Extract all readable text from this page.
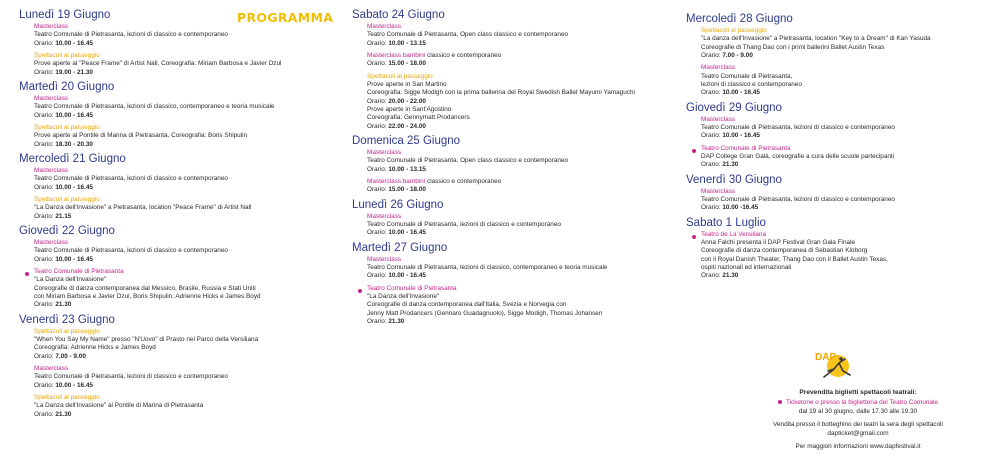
PROGRAMMA
Lunedì 19 Giugno
Masterclass
Teatro Comunale di Pietrasanta, lezioni di classico e contemporaneo
Orario: 10.00 - 16.45
Spettacoli al passeggio
Prove aperte al "Peace Frame" di Artist Nall, Coreografia: Miriam Barbosa e Javier Dzul
Orario: 19.00 - 21.30
Martedì 20 Giugno
Masterclass
Teatro Comunale di Pietrasanta, lezioni di classico, contemporaneo e teoria musicale
Orario: 10.00 - 16.45
Spettacoli al passeggio
Prove aperte al Pontile di Marina di Pietrasanta, Coreografia: Boris Shipulin
Orario: 18.30 - 20.30
Mercoledì 21 Giugno
Masterclass
Teatro Comunale di Pietrasanta, lezioni di classico e contemporaneo
Orario: 10.00 - 16.45
Spettacoli al passeggio
"La Danza dell'Invasione" a Pietrasanta, location "Peace Frame" di Artist Nall
Orario: 21.15
Giovedì 22 Giugno
Masterclass
Teatro Comunale di Pietrasanta, lezioni di classico e contemporaneo
Orario: 10.00 - 16.45
Teatro Comunale di Pietrasanta
"La Danza dell'Invasione"
Coreografie di danza contemporanea dal Messico, Brasile, Russia e Stati Uniti
con Miriam Barbosa e Javier Dzul, Boris Shipulin, Adrienne Hicks e James Boyd
Orario: 21.30
Venerdì 23 Giugno
Spettacoli al passeggio
"When You Say My Name" presso "N'Uovo" di Prasto nel Parco della Versiliana
Coreografia: Adrienne Hicks e James Boyd
Orario: 7.00 - 9.00
Masterclass
Teatro Comunale di Pietrasanta, lezioni di classico e contemporaneo
Orario: 10.00 - 16.45
Spettacoli al passeggio
"La Danza dell'Invasione" al Pontile di Marina di Pietrasanta
Orario: 21.30
Sabato 24 Giugno
Masterclass
Teatro Comunale di Pietrasanta, Open class classico e contemporaneo
Orario: 10.00 - 13.15
Masterclass bambini classico e contemporaneo
Orario: 15.00 - 18.00
Spettacoli al passeggio
Prove aperte in San Martino
Coreografia: Sigge Modigh con la prima ballerina del Royal Swedish Ballet Mayumi Yamaguchi
Orario: 20.00 - 22.00
Prove aperte in Sant'Agostino
Coreografia: Gennymatt Prodancers
Orario: 22.00 - 24.00
Domenica 25 Giugno
Masterclass
Teatro Comunale di Pietrasanta, Open class classico e contemporaneo
Orario: 10.00 - 13.15
Masterclass bambini classico e contemporaneo
Orario: 15.00 - 18.00
Lunedì 26 Giugno
Masterclass
Teatro Comunale di Pietrasanta, lezioni di classico e contemporaneo
Orario: 10.00 - 16.45
Martedì 27 Giugno
Masterclass
Teatro Comunale di Pietrasanta, lezioni di classico, contemporaneo e teoria musicale
Orario: 10.00 - 16.45
Teatro Comunale di Pietrasanta
"La Danza dell'Invasione"
Coreografie di danza contemporanea dall'Italia, Svezia e Norvegia con
Jenny Matt Prodancers (Gennaro Guadagnuolo), Sigge Modigh, Thomas Johansen
Orario: 21.30
Mercoledì 28 Giugno
Spettacoli al passeggio
"La danza dell'Invasione" a Pietrasanta, location "Key to a Dream" di Kan Yasuda
Coreografie di Thang Dao con i primi ballerini Ballet Austin Texas
Orario: 7.00 - 9.00
Masterclass
Teatro Comunale di Pietrasanta,
lezioni di classico e contemporaneo
Orario: 10.00 - 16.45
Giovedì 29 Giugno
Masterclass
Teatro Comunale di Pietrasanta, lezioni di classico e contemporaneo
Orario: 10.00 - 16.45
Teatro Comunale di Pietrasanta
DAP College Gran Galà, coreografie a cura delle scuole partecipanti
Orario: 21.30
Venerdì 30 Giugno
Masterclass
Teatro Comunale di Pietrasanta, lezioni di classico e contemporaneo
Orario: 10.00 -16.45
Sabato 1 Luglio
Teatro de La Versiliana
Anna Falchi presenta il DAP Festival Gran Gala Finale
Coreografie di danza contemporanea di Sebastian Kloborg
con il Royal Danish Theater, Thang Dao con il Ballet Austin Texas,
ospiti nazionali ed internazionali
Orario: 21.30
DAP
Prevendita biglietti spettacoli teatrali:
Ticketone o presso la biglietteria del Teatro Comunale
dal 19 al 30 giugno, dalle 17.30 alle 19.30
Vendita presso il botteghino dei teatri la sera degli spettacoli
dapticket@gmail.com
Per maggiori informazioni www.dapfestival.it
